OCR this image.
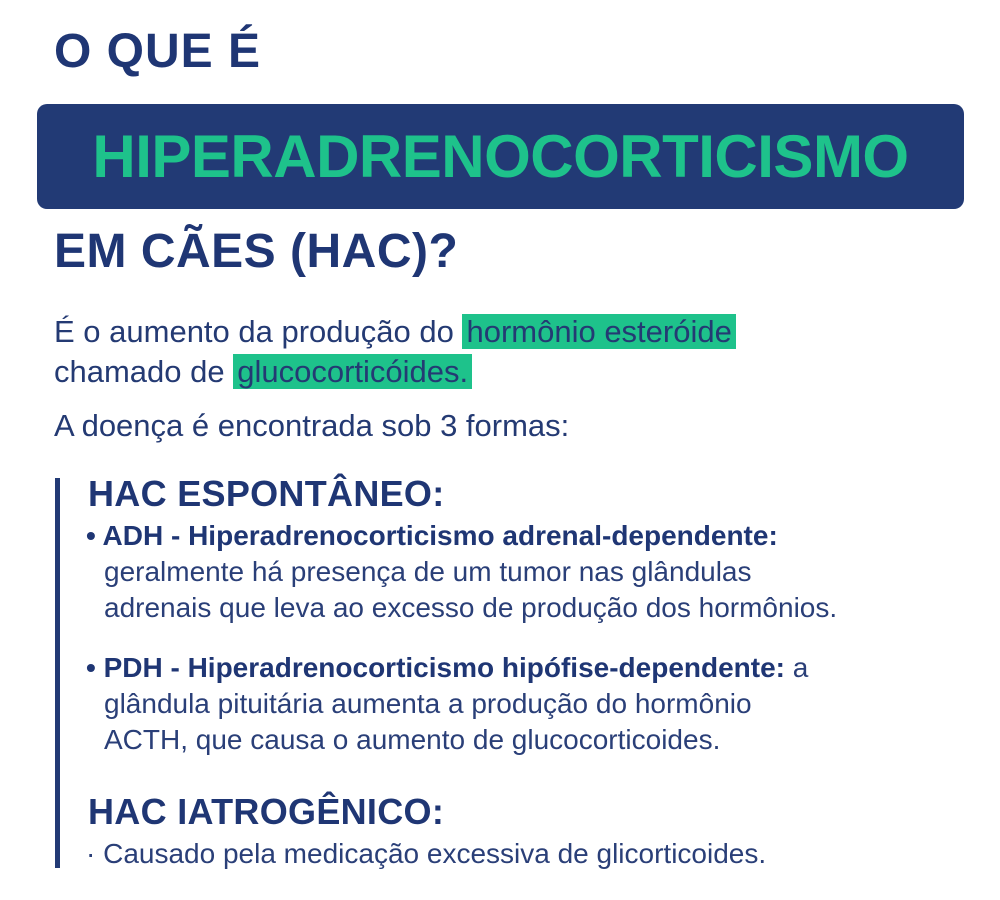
O QUE É
HIPERADRENOCORTICISMO
EM CÃES (HAC)?
É o aumento da produção do hormônio esteróide
chamado de glucocorticóides.
A doença é encontrada sob 3 formas:
HAC ESPONTÂNEO:
• ADH - Hiperadrenocorticismo adrenal-dependente:
geralmente há presença de um tumor nas glândulas
adrenais que leva ao excesso de produção dos hormônios.
• PDH - Hiperadrenocorticismo hipófise-dependente: a
glândula pituitária aumenta a produção do hormônio
ACTH, que causa o aumento de glucocorticoides.
HAC IATROGÊNICO:
· Causado pela medicação excessiva de glicorticoides.
